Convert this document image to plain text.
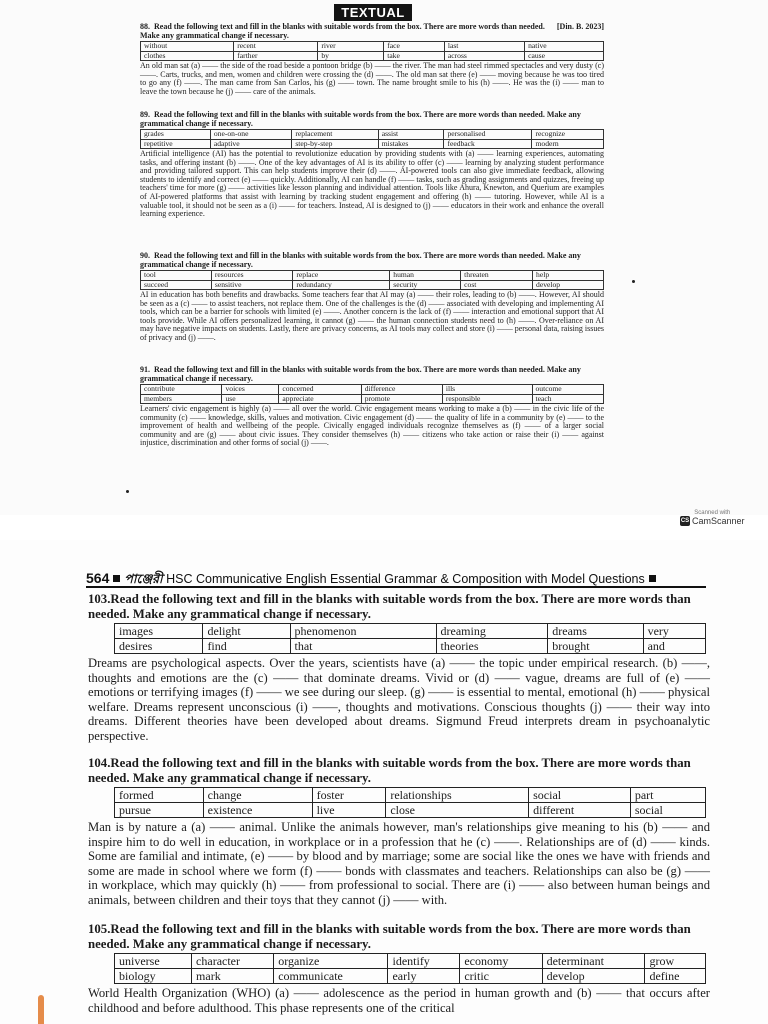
TEXTUAL
[Din. B. 2023]
88. Read the following text and fill in the blanks with suitable words from the box. There are more words than needed. Make any grammatical change if necessary.
without	recent	river	face	last	native
clothes	farther	by	take	across	cause
An old man sat (a) —— the side of the road beside a pontoon bridge (b) —— the river. The man had steel rimmed spectacles and very dusty (c) ——. Carts, trucks, and men, women and children were crossing the (d) ——. The old man sat there (e) —— moving because he was too tired to go any (f) ——. The man came from San Carlos, his (g) —— town. The name brought smile to his (h) ——. He was the (i) —— man to leave the town because he (j) —— care of the animals.
89. Read the following text and fill in the blanks with suitable words from the box. There are more words than needed. Make any grammatical change if necessary.
grades	one-on-one	replacement	assist	personalised	recognize
repetitive	adaptive	step-by-step	mistakes	feedback	modern
Artificial intelligence (AI) has the potential to revolutionize education by providing students with (a) —— learning experiences, automating tasks, and offering instant (b) ——. One of the key advantages of AI is its ability to offer (c) —— learning by analyzing student performance and providing tailored support. This can help students improve their (d) ——. AI-powered tools can also give immediate feedback, allowing students to identify and correct (e) —— quickly. Additionally, AI can handle (f) —— tasks, such as grading assignments and quizzes, freeing up teachers' time for more (g) —— activities like lesson planning and individual attention. Tools like Ahura, Knewton, and Querium are examples of AI-powered platforms that assist with learning by tracking student engagement and offering (h) —— tutoring. However, while AI is a valuable tool, it should not be seen as a (i) —— for teachers. Instead, AI is designed to (j) —— educators in their work and enhance the overall learning experience.
90. Read the following text and fill in the blanks with suitable words from the box. There are more words than needed. Make any grammatical change if necessary.
tool	resources	replace	human	threaten	help
succeed	sensitive	redundancy	security	cost	develop
AI in education has both benefits and drawbacks. Some teachers fear that AI may (a) —— their roles, leading to (b) ——. However, AI should be seen as a (c) —— to assist teachers, not replace them. One of the challenges is the (d) —— associated with developing and implementing AI tools, which can be a barrier for schools with limited (e) ——. Another concern is the lack of (f) —— interaction and emotional support that AI tools provide. While AI offers personalized learning, it cannot (g) —— the human connection students need to (h) ——. Over-reliance on AI may have negative impacts on students. Lastly, there are privacy concerns, as AI tools may collect and store (i) —— personal data, raising issues of privacy and (j) ——.
91. Read the following text and fill in the blanks with suitable words from the box. There are more words than needed. Make any grammatical change if necessary.
contribute	voices	concerned	difference	ills	outcome
members	use	appreciate	promote	responsible	teach
Learners' civic engagement is highly (a) —— all over the world. Civic engagement means working to make a (b) —— in the civic life of the community (c) —— knowledge, skills, values and motivation. Civic engagement (d) —— the quality of life in a community by (e) —— to the improvement of health and wellbeing of the people. Civically engaged individuals recognize themselves as (f) —— of a larger social community and are (g) —— about civic issues. They consider themselves (h) —— citizens who take action or raise their (i) —— against injustice, discrimination and other forms of social (j) ——.
Scanned with
CS CamScanner
564 পাঞ্জেরী HSC Communicative English Essential Grammar & Composition with Model Questions
103.Read the following text and fill in the blanks with suitable words from the box. There are more words than needed. Make any grammatical change if necessary.
images	delight	phenomenon	dreaming	dreams	very
desires	find	that	theories	brought	and
Dreams are psychological aspects. Over the years, scientists have (a) —— the topic under empirical research. (b) ——, thoughts and emotions are the (c) —— that dominate dreams. Vivid or (d) —— vague, dreams are full of (e) —— emotions or terrifying images (f) —— we see during our sleep. (g) —— is essential to mental, emotional (h) —— physical welfare. Dreams represent unconscious (i) ——, thoughts and motivations. Conscious thoughts (j) —— their way into dreams. Different theories have been developed about dreams. Sigmund Freud interprets dream in psychoanalytic perspective.
104.Read the following text and fill in the blanks with suitable words from the box. There are more words than needed. Make any grammatical change if necessary.
formed	change	foster	relationships	social	part
pursue	existence	live	close	different	social
Man is by nature a (a) —— animal. Unlike the animals however, man's relationships give meaning to his (b) —— and inspire him to do well in education, in workplace or in a profession that he (c) ——. Relationships are of (d) —— kinds. Some are familial and intimate, (e) —— by blood and by marriage; some are social like the ones we have with friends and some are made in school where we form (f) —— bonds with classmates and teachers. Relationships can also be (g) —— in workplace, which may quickly (h) —— from professional to social. There are (i) —— also between human beings and animals, between children and their toys that they cannot (j) —— with.
105.Read the following text and fill in the blanks with suitable words from the box. There are more words than needed. Make any grammatical change if necessary.
universe	character	organize	identify	economy	determinant	grow
biology	mark	communicate	early	critic	develop	define
World Health Organization (WHO) (a) —— adolescence as the period in human growth and (b) —— that occurs after childhood and before adulthood. This phase represents one of the critical
